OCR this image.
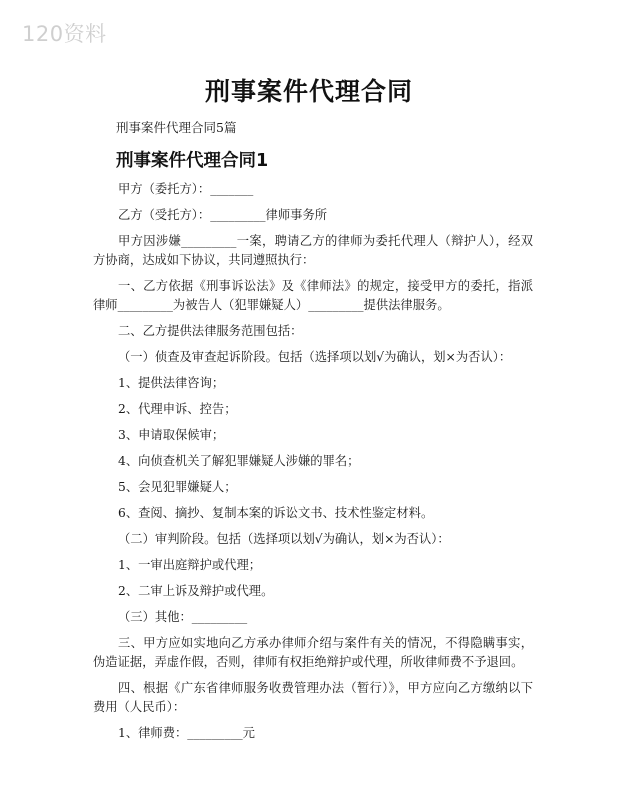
120资料
刑事案件代理合同
刑事案件代理合同5篇
刑事案件代理合同1

甲方（委托方）：_______

乙方（受托方）：_________律师事务所

甲方因涉嫌_________一案，聘请乙方的律师为委托代理人（辩护人），经双方协商，达成如下协议，共同遵照执行：

一、乙方依据《刑事诉讼法》及《律师法》的规定，接受甲方的委托，指派律师_________为被告人（犯罪嫌疑人）_________提供法律服务。

二、乙方提供法律服务范围包括：

（一）侦查及审查起诉阶段。包括（选择项以划√为确认，划×为否认）：

1、提供法律咨询；

2、代理申诉、控告；

3、申请取保候审；

4、向侦查机关了解犯罪嫌疑人涉嫌的罪名；

5、会见犯罪嫌疑人；

6、查阅、摘抄、复制本案的诉讼文书、技术性鉴定材料。

（二）审判阶段。包括（选择项以划√为确认，划×为否认）：

1、一审出庭辩护或代理；

2、二审上诉及辩护或代理。

（三）其他：_________

三、甲方应如实地向乙方承办律师介绍与案件有关的情况，不得隐瞒事实，伪造证据，弄虚作假，否则，律师有权拒绝辩护或代理，所收律师费不予退回。

四、根据《广东省律师服务收费管理办法（暂行）》，甲方应向乙方缴纳以下费用（人民币）：

1、律师费：_________元
